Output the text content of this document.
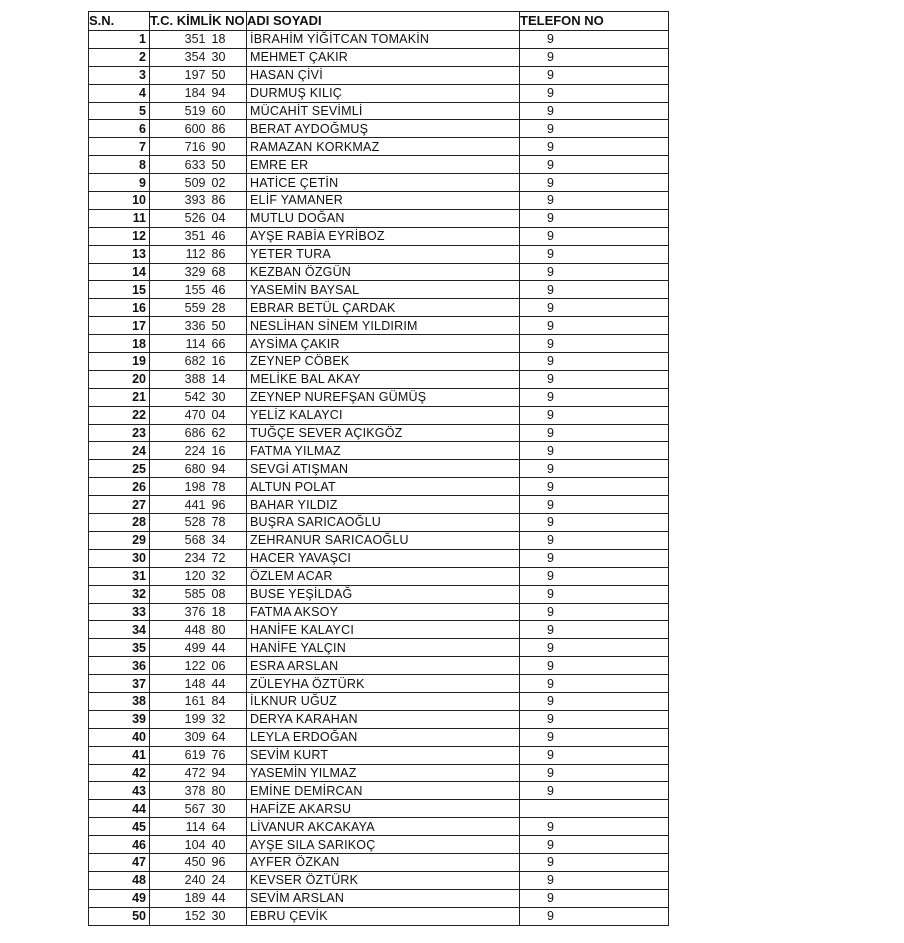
S.N.	T.C. KİMLİK NO		ADI SOYADI	TELEFON NO	
1	351	18	İBRAHİM YİĞİTCAN TOMAKİN	9	
2	354	30	MEHMET ÇAKIR	9	
3	197	50	HASAN ÇİVİ	9	
4	184	94	DURMUŞ KILIÇ	9	
5	519	60	MÜCAHİT SEVİMLİ	9	
6	600	86	BERAT AYDOĞMUŞ	9	
7	716	90	RAMAZAN KORKMAZ	9	
8	633	50	EMRE ER	9	
9	509	02	HATİCE ÇETİN	9	
10	393	86	ELİF YAMANER	9	
11	526	04	MUTLU DOĞAN	9	
12	351	46	AYŞE RABİA EYRİBOZ	9	
13	112	86	YETER TURA	9	
14	329	68	KEZBAN ÖZGÜN	9	
15	155	46	YASEMİN BAYSAL	9	
16	559	28	EBRAR BETÜL ÇARDAK	9	
17	336	50	NESLİHAN SİNEM YILDIRIM	9	
18	114	66	AYSİMA ÇAKIR	9	
19	682	16	ZEYNEP CÖBEK	9	
20	388	14	MELİKE BAL AKAY	9	
21	542	30	ZEYNEP NUREFŞAN GÜMÜŞ	9	
22	470	04	YELİZ KALAYCI	9	
23	686	62	TUĞÇE SEVER AÇIKGÖZ	9	
24	224	16	FATMA YILMAZ	9	
25	680	94	SEVGİ ATIŞMAN	9	
26	198	78	ALTUN POLAT	9	
27	441	96	BAHAR YILDIZ	9	
28	528	78	BUŞRA SARICAOĞLU	9	
29	568	34	ZEHRANUR SARICAOĞLU	9	
30	234	72	HACER YAVAŞCI	9	
31	120	32	ÖZLEM ACAR	9	
32	585	08	BUSE YEŞİLDAĞ	9	
33	376	18	FATMA AKSOY	9	
34	448	80	HANİFE KALAYCI	9	
35	499	44	HANİFE YALÇIN	9	
36	122	06	ESRA ARSLAN	9	
37	148	44	ZÜLEYHA ÖZTÜRK	9	
38	161	84	İLKNUR UĞUZ	9	
39	199	32	DERYA KARAHAN	9	
40	309	64	LEYLA ERDOĞAN	9	
41	619	76	SEVİM KURT	9	
42	472	94	YASEMİN YILMAZ	9	
43	378	80	EMİNE DEMİRCAN	9	
44	567	30	HAFİZE AKARSU		
45	114	64	LİVANUR AKCAKAYA	9	
46	104	40	AYŞE SILA SARIKOÇ	9	
47	450	96	AYFER ÖZKAN	9	
48	240	24	KEVSER ÖZTÜRK	9	
49	189	44	SEVİM ARSLAN	9	
50	152	30	EBRU ÇEVİK	9	
